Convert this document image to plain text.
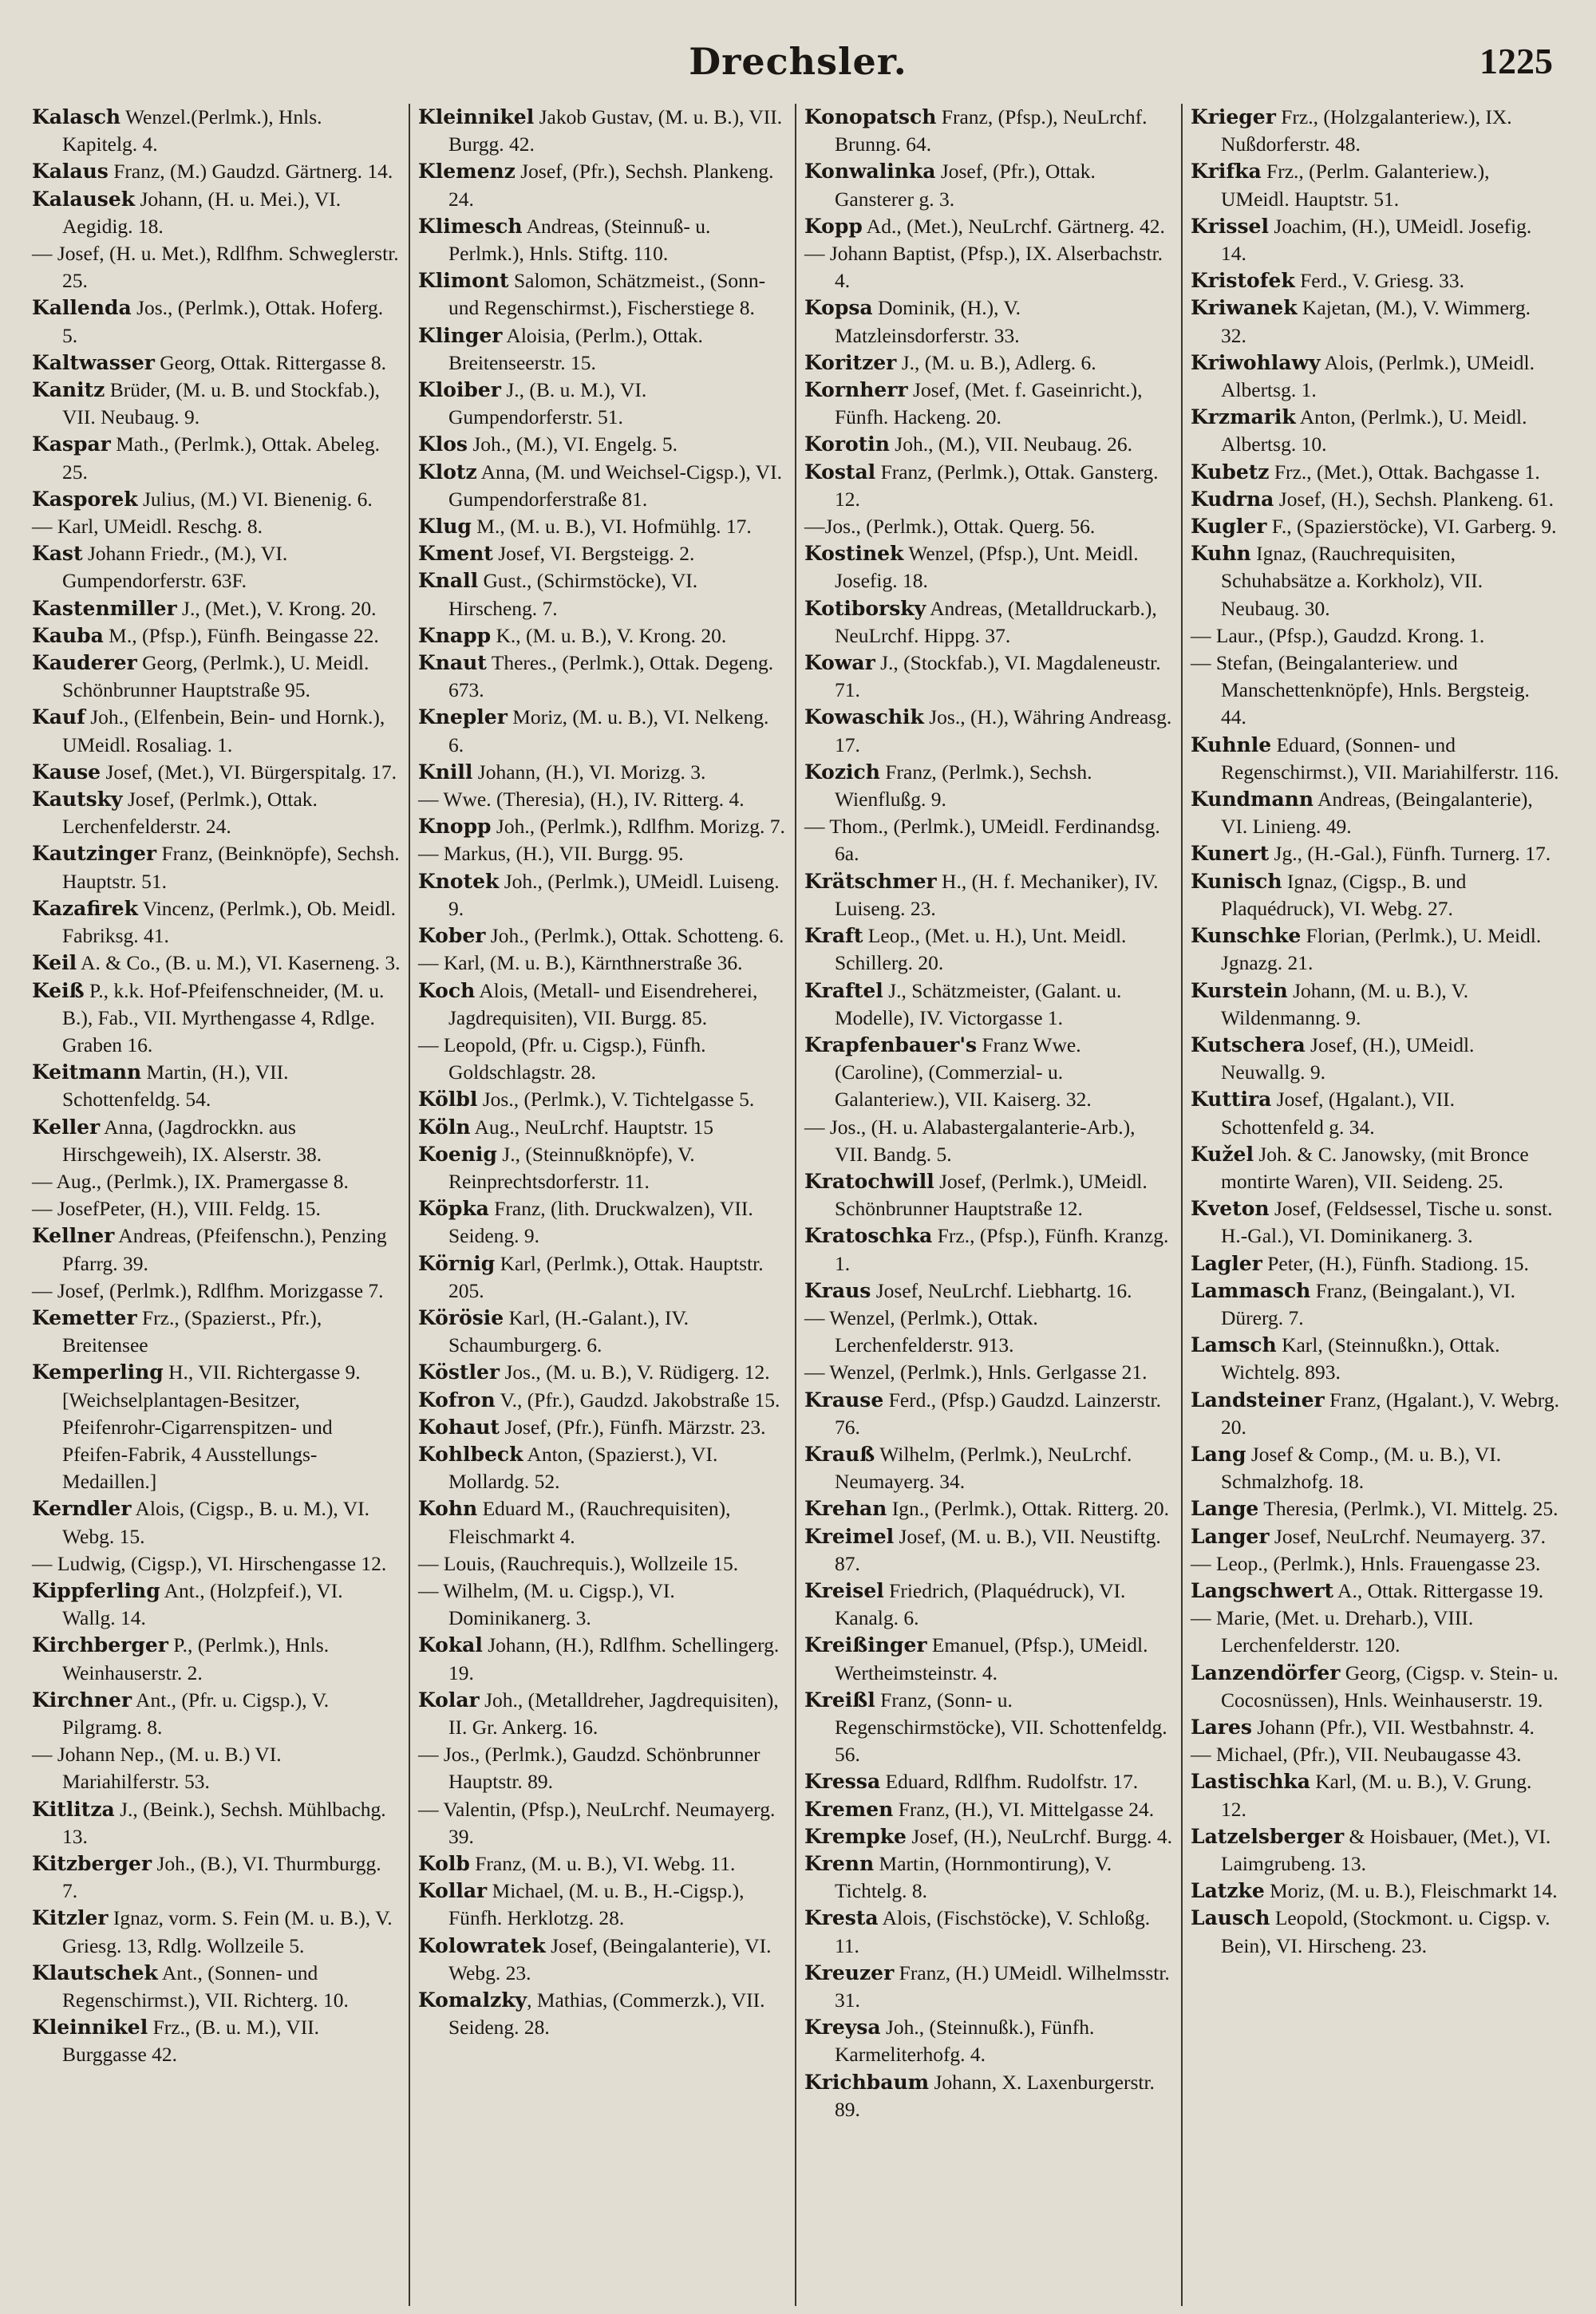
Drechsler.	1225
Kalasch Wenzel.(Perlmk.), Hnls. Kapitelg. 4.
Kalaus Franz, (M.) Gaudzd. Gärtnerg. 14.
Kalausek Johann, (H. u. Mei.), VI. Aegidig. 18.
— Josef, (H. u. Met.), Rdlfhm. Schweglerstr. 25.
Kallenda Jos., (Perlmk.), Ottak. Hoferg. 5.
Kaltwasser Georg, Ottak. Rittergasse 8.
Kanitz Brüder, (M. u. B. und Stockfab.), VII. Neubaug. 9.
Kaspar Math., (Perlmk.), Ottak. Abeleg. 25.
Kasporek Julius, (M.) VI. Bienenig. 6.
— Karl, UMeidl. Reschg. 8.
Kast Johann Friedr., (M.), VI. Gumpendorferstr. 63F.
Kastenmiller J., (Met.), V. Krong. 20.
Kauba M., (Pfsp.), Fünfh. Beingasse 22.
Kauderer Georg, (Perlmk.), U. Meidl. Schönbrunner Hauptstraße 95.
Kauf Joh., (Elfenbein, Bein- und Hornk.), UMeidl. Rosaliag. 1.
Kause Josef, (Met.), VI. Bürgerspitalg. 17.
Kautsky Josef, (Perlmk.), Ottak. Lerchenfelderstr. 24.
Kautzinger Franz, (Beinknöpfe), Sechsh. Hauptstr. 51.
Kazafirek Vincenz, (Perlmk.), Ob. Meidl. Fabriksg. 41.
Keil A. & Co., (B. u. M.), VI. Kaserneng. 3.
Keiß P., k.k. Hof-Pfeifenschneider, (M. u. B.), Fab., VII. Myrthengasse 4, Rdlge. Graben 16.
Keitmann Martin, (H.), VII. Schottenfeldg. 54.
Keller Anna, (Jagdrockkn. aus Hirschgeweih), IX. Alserstr. 38.
— Aug., (Perlmk.), IX. Pramergasse 8.
— JosefPeter, (H.), VIII. Feldg. 15.
Kellner Andreas, (Pfeifenschn.), Penzing Pfarrg. 39.
— Josef, (Perlmk.), Rdlfhm. Morizgasse 7.
Kemetter Frz., (Spazierst., Pfr.), Breitensee
Kemperling H., VII. Richtergasse 9. [Weichselplantagen-Besitzer, Pfeifenrohr-Cigarrenspitzen- und Pfeifen-Fabrik, 4 Ausstellungs-Medaillen.]
Kerndler Alois, (Cigsp., B. u. M.), VI. Webg. 15.
— Ludwig, (Cigsp.), VI. Hirschengasse 12.
Kippferling Ant., (Holzpfeif.), VI. Wallg. 14.
Kirchberger P., (Perlmk.), Hnls. Weinhauserstr. 2.
Kirchner Ant., (Pfr. u. Cigsp.), V. Pilgramg. 8.
— Johann Nep., (M. u. B.) VI. Mariahilferstr. 53.
Kitlitza J., (Beink.), Sechsh. Mühlbachg. 13.
Kitzberger Joh., (B.), VI. Thurmburgg. 7.
Kitzler Ignaz, vorm. S. Fein (M. u. B.), V. Griesg. 13, Rdlg. Wollzeile 5.
Klautschek Ant., (Sonnen- und Regenschirmst.), VII. Richterg. 10.
Kleinnikel Frz., (B. u. M.), VII. Burggasse 42.
Kleinnikel Jakob Gustav, (M. u. B.), VII. Burgg. 42.
Klemenz Josef, (Pfr.), Sechsh. Plankeng. 24.
Klimesch Andreas, (Steinnuß- u. Perlmk.), Hnls. Stiftg. 110.
Klimont Salomon, Schätzmeist., (Sonn- und Regenschirmst.), Fischerstiege 8.
Klinger Aloisia, (Perlm.), Ottak. Breitenseerstr. 15.
Kloiber J., (B. u. M.), VI. Gumpendorferstr. 51.
Klos Joh., (M.), VI. Engelg. 5.
Klotz Anna, (M. und Weichsel-Cigsp.), VI. Gumpendorferstraße 81.
Klug M., (M. u. B.), VI. Hofmühlg. 17.
Kment Josef, VI. Bergsteigg. 2.
Knall Gust., (Schirmstöcke), VI. Hirscheng. 7.
Knapp K., (M. u. B.), V. Krong. 20.
Knaut Theres., (Perlmk.), Ottak. Degeng. 673.
Knepler Moriz, (M. u. B.), VI. Nelkeng. 6.
Knill Johann, (H.), VI. Morizg. 3.
— Wwe. (Theresia), (H.), IV. Ritterg. 4.
Knopp Joh., (Perlmk.), Rdlfhm. Morizg. 7.
— Markus, (H.), VII. Burgg. 95.
Knotek Joh., (Perlmk.), UMeidl. Luiseng. 9.
Kober Joh., (Perlmk.), Ottak. Schotteng. 6.
— Karl, (M. u. B.), Kärnthnerstraße 36.
Koch Alois, (Metall- und Eisendreherei, Jagdrequisiten), VII. Burgg. 85.
— Leopold, (Pfr. u. Cigsp.), Fünfh. Goldschlagstr. 28.
Kölbl Jos., (Perlmk.), V. Tichtelgasse 5.
Köln Aug., NeuLrchf. Hauptstr. 15
Koenig J., (Steinnußknöpfe), V. Reinprechtsdorferstr. 11.
Köpka Franz, (lith. Druckwalzen), VII. Seideng. 9.
Körnig Karl, (Perlmk.), Ottak. Hauptstr. 205.
Körösie Karl, (H.-Galant.), IV. Schaumburgerg. 6.
Köstler Jos., (M. u. B.), V. Rüdigerg. 12.
Kofron V., (Pfr.), Gaudzd. Jakobstraße 15.
Kohaut Josef, (Pfr.), Fünfh. Märzstr. 23.
Kohlbeck Anton, (Spazierst.), VI. Mollardg. 52.
Kohn Eduard M., (Rauchrequisiten), Fleischmarkt 4.
— Louis, (Rauchrequis.), Wollzeile 15.
— Wilhelm, (M. u. Cigsp.), VI. Dominikanerg. 3.
Kokal Johann, (H.), Rdlfhm. Schellingerg. 19.
Kolar Joh., (Metalldreher, Jagdrequisiten), II. Gr. Ankerg. 16.
— Jos., (Perlmk.), Gaudzd. Schönbrunner Hauptstr. 89.
— Valentin, (Pfsp.), NeuLrchf. Neumayerg. 39.
Kolb Franz, (M. u. B.), VI. Webg. 11.
Kollar Michael, (M. u. B., H.-Cigsp.), Fünfh. Herklotzg. 28.
Kolowratek Josef, (Beingalanterie), VI. Webg. 23.
Komalzky, Mathias, (Commerzk.), VII. Seideng. 28.
Konopatsch Franz, (Pfsp.), NeuLrchf. Brunng. 64.
Konwalinka Josef, (Pfr.), Ottak. Gansterer g. 3.
Kopp Ad., (Met.), NeuLrchf. Gärtnerg. 42.
— Johann Baptist, (Pfsp.), IX. Alserbachstr. 4.
Kopsa Dominik, (H.), V. Matzleinsdorferstr. 33.
Koritzer J., (M. u. B.), Adlerg. 6.
Kornherr Josef, (Met. f. Gaseinricht.), Fünfh. Hackeng. 20.
Korotin Joh., (M.), VII. Neubaug. 26.
Kostal Franz, (Perlmk.), Ottak. Gansterg. 12.
—Jos., (Perlmk.), Ottak. Querg. 56.
Kostinek Wenzel, (Pfsp.), Unt. Meidl. Josefig. 18.
Kotiborsky Andreas, (Metalldruckarb.), NeuLrchf. Hippg. 37.
Kowar J., (Stockfab.), VI. Magdaleneustr. 71.
Kowaschik Jos., (H.), Währing Andreasg. 17.
Kozich Franz, (Perlmk.), Sechsh. Wienflußg. 9.
— Thom., (Perlmk.), UMeidl. Ferdinandsg. 6a.
Krätschmer H., (H. f. Mechaniker), IV. Luiseng. 23.
Kraft Leop., (Met. u. H.), Unt. Meidl. Schillerg. 20.
Kraftel J., Schätzmeister, (Galant. u. Modelle), IV. Victorgasse 1.
Krapfenbauer's Franz Wwe. (Caroline), (Commerzial- u. Galanteriew.), VII. Kaiserg. 32.
— Jos., (H. u. Alabastergalanterie-Arb.), VII. Bandg. 5.
Kratochwill Josef, (Perlmk.), UMeidl. Schönbrunner Hauptstraße 12.
Kratoschka Frz., (Pfsp.), Fünfh. Kranzg. 1.
Kraus Josef, NeuLrchf. Liebhartg. 16.
— Wenzel, (Perlmk.), Ottak. Lerchenfelderstr. 913.
— Wenzel, (Perlmk.), Hnls. Gerlgasse 21.
Krause Ferd., (Pfsp.) Gaudzd. Lainzerstr. 76.
Krauß Wilhelm, (Perlmk.), NeuLrchf. Neumayerg. 34.
Krehan Ign., (Perlmk.), Ottak. Ritterg. 20.
Kreimel Josef, (M. u. B.), VII. Neustiftg. 87.
Kreisel Friedrich, (Plaquédruck), VI. Kanalg. 6.
Kreißinger Emanuel, (Pfsp.), UMeidl. Wertheimsteinstr. 4.
Kreißl Franz, (Sonn- u. Regenschirmstöcke), VII. Schottenfeldg. 56.
Kressa Eduard, Rdlfhm. Rudolfstr. 17.
Kremen Franz, (H.), VI. Mittelgasse 24.
Krempke Josef, (H.), NeuLrchf. Burgg. 4.
Krenn Martin, (Hornmontirung), V. Tichtelg. 8.
Kresta Alois, (Fischstöcke), V. Schloßg. 11.
Kreuzer Franz, (H.) UMeidl. Wilhelmsstr. 31.
Kreysa Joh., (Steinnußk.), Fünfh. Karmeliterhofg. 4.
Krichbaum Johann, X. Laxenburgerstr. 89.
Krieger Frz., (Holzgalanteriew.), IX. Nußdorferstr. 48.
Krifka Frz., (Perlm. Galanteriew.), UMeidl. Hauptstr. 51.
Krissel Joachim, (H.), UMeidl. Josefig. 14.
Kristofek Ferd., V. Griesg. 33.
Kriwanek Kajetan, (M.), V. Wimmerg. 32.
Kriwohlawy Alois, (Perlmk.), UMeidl. Albertsg. 1.
Krzmarik Anton, (Perlmk.), U. Meidl. Albertsg. 10.
Kubetz Frz., (Met.), Ottak. Bachgasse 1.
Kudrna Josef, (H.), Sechsh. Plankeng. 61.
Kugler F., (Spazierstöcke), VI. Garberg. 9.
Kuhn Ignaz, (Rauchrequisiten, Schuhabsätze a. Korkholz), VII. Neubaug. 30.
— Laur., (Pfsp.), Gaudzd. Krong. 1.
— Stefan, (Beingalanteriew. und Manschettenknöpfe), Hnls. Bergsteig. 44.
Kuhnle Eduard, (Sonnen- und Regenschirmst.), VII. Mariahilferstr. 116.
Kundmann Andreas, (Beingalanterie), VI. Linieng. 49.
Kunert Jg., (H.-Gal.), Fünfh. Turnerg. 17.
Kunisch Ignaz, (Cigsp., B. und Plaquédruck), VI. Webg. 27.
Kunschke Florian, (Perlmk.), U. Meidl. Jgnazg. 21.
Kurstein Johann, (M. u. B.), V. Wildenmanng. 9.
Kutschera Josef, (H.), UMeidl. Neuwallg. 9.
Kuttira Josef, (Hgalant.), VII. Schottenfeld g. 34.
Kužel Joh. & C. Janowsky, (mit Bronce montirte Waren), VII. Seideng. 25.
Kveton Josef, (Feldsessel, Tische u. sonst. H.-Gal.), VI. Dominikanerg. 3.
Lagler Peter, (H.), Fünfh. Stadiong. 15.
Lammasch Franz, (Beingalant.), VI. Dürerg. 7.
Lamsch Karl, (Steinnußkn.), Ottak. Wichtelg. 893.
Landsteiner Franz, (Hgalant.), V. Webrg. 20.
Lang Josef & Comp., (M. u. B.), VI. Schmalzhofg. 18.
Lange Theresia, (Perlmk.), VI. Mittelg. 25.
Langer Josef, NeuLrchf. Neumayerg. 37.
— Leop., (Perlmk.), Hnls. Frauengasse 23.
Langschwert A., Ottak. Rittergasse 19.
— Marie, (Met. u. Dreharb.), VIII. Lerchenfelderstr. 120.
Lanzendörfer Georg, (Cigsp. v. Stein- u. Cocosnüssen), Hnls. Weinhauserstr. 19.
Lares Johann (Pfr.), VII. Westbahnstr. 4.
— Michael, (Pfr.), VII. Neubaugasse 43.
Lastischka Karl, (M. u. B.), V. Grung. 12.
Latzelsberger & Hoisbauer, (Met.), VI. Laimgrubeng. 13.
Latzke Moriz, (M. u. B.), Fleischmarkt 14.
Lausch Leopold, (Stockmont. u. Cigsp. v. Bein), VI. Hirscheng. 23.
